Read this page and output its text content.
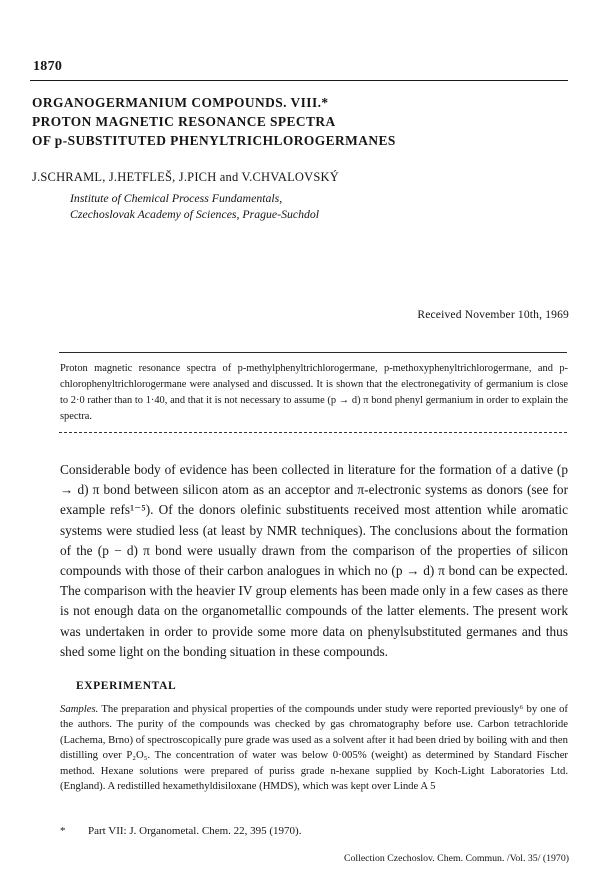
1870
ORGANOGERMANIUM COMPOUNDS. VIII.*
PROTON MAGNETIC RESONANCE SPECTRA
OF p-SUBSTITUTED PHENYLTRICHLOROGERMANES
J.SCHRAML, J.HETFLEŠ, J.PICH and V.CHVALOVSKÝ
Institute of Chemical Process Fundamentals,
Czechoslovak Academy of Sciences, Prague-Suchdol
Received November 10th, 1969
Proton magnetic resonance spectra of p-methylphenyltrichlorogermane, p-methoxyphenyltrichlorogermane, and p-chlorophenyltrichlorogermane were analysed and discussed. It is shown that the electronegativity of germanium is close to 2·0 rather than to 1·40, and that it is not necessary to assume (p → d) π bond phenyl germanium in order to explain the spectra.

Considerable body of evidence has been collected in literature for the formation of a dative (p → d) π bond between silicon atom as an acceptor and π-electronic systems as donors (see for example refs¹⁻⁵). Of the donors olefinic substituents received most attention while aromatic systems were studied less (at least by NMR techniques). The conclusions about the formation of the (p − d) π bond were usually drawn from the comparison of the properties of silicon compounds with those of their carbon analogues in which no (p → d) π bond can be expected. The comparison with the heavier IV group elements has been made only in a few cases as there is not enough data on the organometallic compounds of the latter elements. The present work was undertaken in order to provide some more data on phenylsubstituted germanes and thus shed some light on the bonding situation in these compounds.

EXPERIMENTAL

Samples. The preparation and physical properties of the compounds under study were reported previously⁶ by one of the authors. The purity of the compounds was checked by gas chromatography before use. Carbon tetrachloride (Lachema, Brno) of spectroscopically pure grade was used as a solvent after it had been dried by boiling with and then distilling over P₂O₅. The concentration of water was below 0·005% (weight) as determined by Standard Fischer method. Hexane solutions were prepared of puriss grade n-hexane supplied by Koch-Light Laboratories Ltd. (England). A redistilled hexamethyldisiloxane (HMDS), which was kept over Linde A 5

* Part VII: J. Organometal. Chem. 22, 395 (1970).
Collection Czechoslov. Chem. Commun. /Vol. 35/ (1970)
